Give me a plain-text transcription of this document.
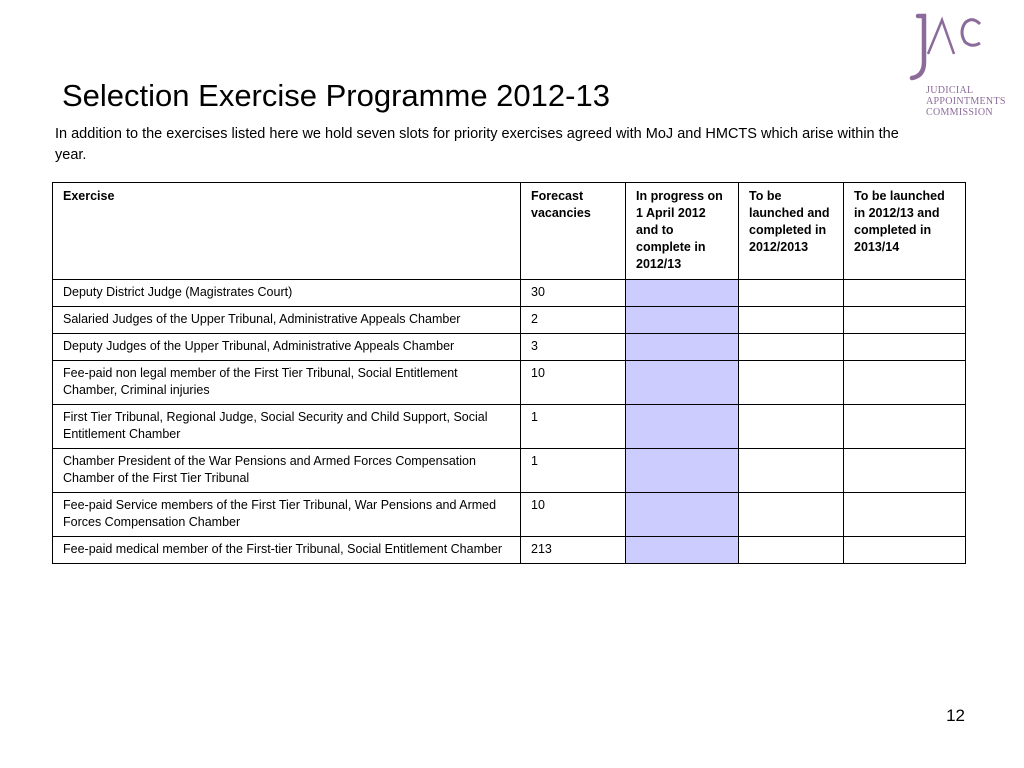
JUDICIAL
APPOINTMENTS
COMMISSION
Selection Exercise Programme 2012-13

In addition to the exercises listed here we hold seven slots for priority exercises agreed with MoJ and HMCTS which arise within the year.

Exercise	Forecast vacancies	In progress on 1 April 2012 and to complete in 2012/13	To be launched and completed in 2012/2013	To be launched in 2012/13 and completed in 2013/14
Deputy District Judge (Magistrates Court)	30			
Salaried Judges of the Upper Tribunal, Administrative Appeals Chamber	2			
Deputy Judges of the Upper Tribunal, Administrative Appeals Chamber	3			
Fee-paid non legal member of the First Tier Tribunal, Social Entitlement Chamber, Criminal injuries	10			
First Tier Tribunal, Regional Judge, Social Security and Child Support, Social Entitlement Chamber	1			
Chamber President of the War Pensions and Armed Forces Compensation Chamber of the First Tier Tribunal	1			
Fee-paid Service members of the First Tier Tribunal, War Pensions and Armed Forces Compensation Chamber	10			
Fee-paid medical member of the First-tier Tribunal, Social Entitlement Chamber	213			
12
